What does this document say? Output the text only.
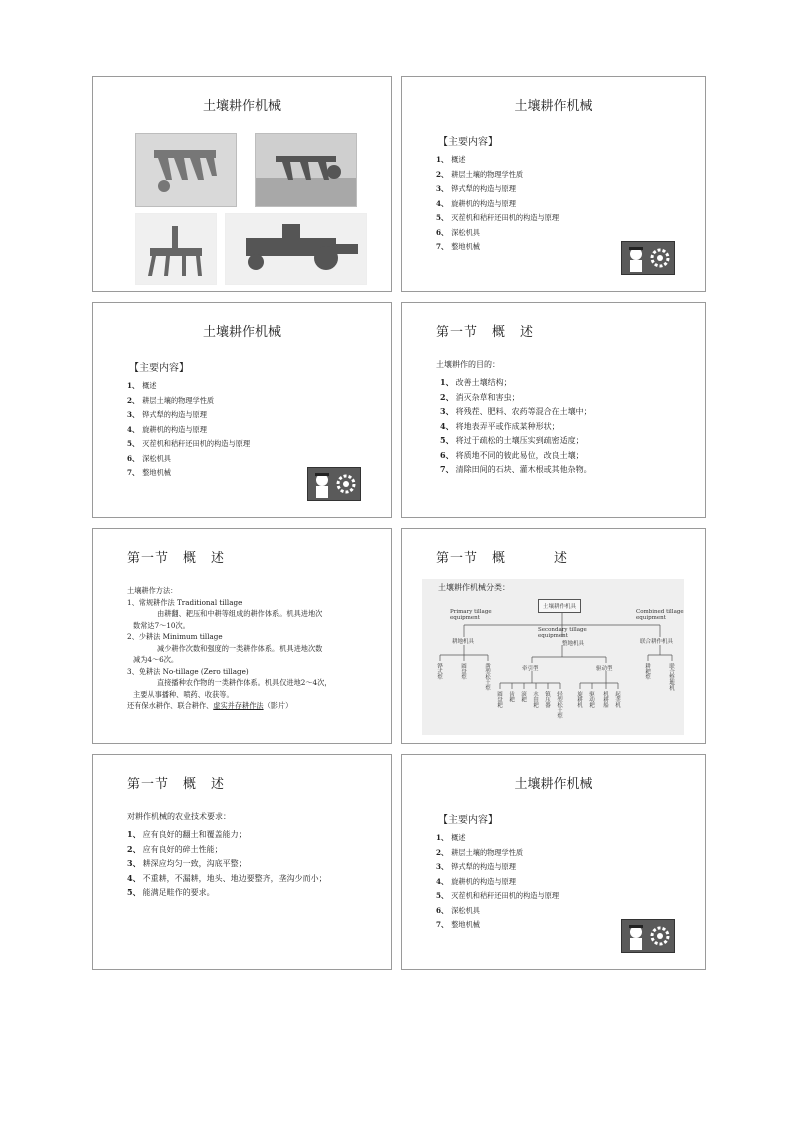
土壤耕作机械	土壤耕作机械
【主要内容】
1、 概述
2、 耕层土壤的物理学性质
3、 铧式犁的构造与原理
4、 旋耕机的构造与原理
5、 灭茬机和秸秆还田机的构造与原理
6、 深松机具
7、 整地机械
土壤耕作机械
【主要内容】
1、 概述
2、 耕层土壤的物理学性质
3、 铧式犁的构造与原理
4、 旋耕机的构造与原理
5、 灭茬机和秸秆还田机的构造与原理
6、 深松机具
7、 整地机械
第一节 概 述
土壤耕作的目的：
1、 改善土壤结构；
2、 消灭杂草和害虫；
3、 将残茬、肥料、农药等混合在土壤中；
4、 将地表弄平或作成某种形状；
5、 将过于疏松的土壤压实到疏密适度；
6、 将质地不同的彼此易位，改良土壤；
7、 清除田间的石块、灌木根或其他杂物。
第一节 概 述
土壤耕作方法：
1、常规耕作法 Traditional tillage
由耕翻、耙压和中耕等组成的耕作体系。机具进地次
数常达7～10次。
2、少耕法 Minimum tillage
减少耕作次数和强度的一类耕作体系。机具进地次数
减为4～6次。
3、免耕法 No-tillage (Zero tillage)
直接播种农作物的一类耕作体系。机具仅进地2～4次，
主要从事播种、喷药、收获等。
还有保水耕作、联合耕作、虚实并存耕作法（影片）
第一节 概	述
土壤耕作机械分类：
土壤耕作机具
Primary tillage equipment
Secondary tillage equipment
Combined tillage equipment
耕地机具	整地机具	联合耕作机具
铧式犁	圆盘犁	凿型松土犁	牵引型	驱动型
圆盘耙 齿耙 滚耙 水田耙 镇压器 轻型松土犁	旋耕机 驱动耙 机耕船 起垄机
耕耙犁	联合整地机
第一节 概 述
对耕作机械的农业技术要求：
1、 应有良好的翻土和覆盖能力；
2、 应有良好的碎土性能；
3、 耕深应均匀一致，沟底平整；
4、 不重耕，不漏耕，地头、地边要整齐，垄沟少而小；
5、 能满足畦作的要求。
土壤耕作机械
【主要内容】
1、 概述
2、 耕层土壤的物理学性质
3、 铧式犁的构造与原理
4、 旋耕机的构造与原理
5、 灭茬机和秸秆还田机的构造与原理
6、 深松机具
7、 整地机械
